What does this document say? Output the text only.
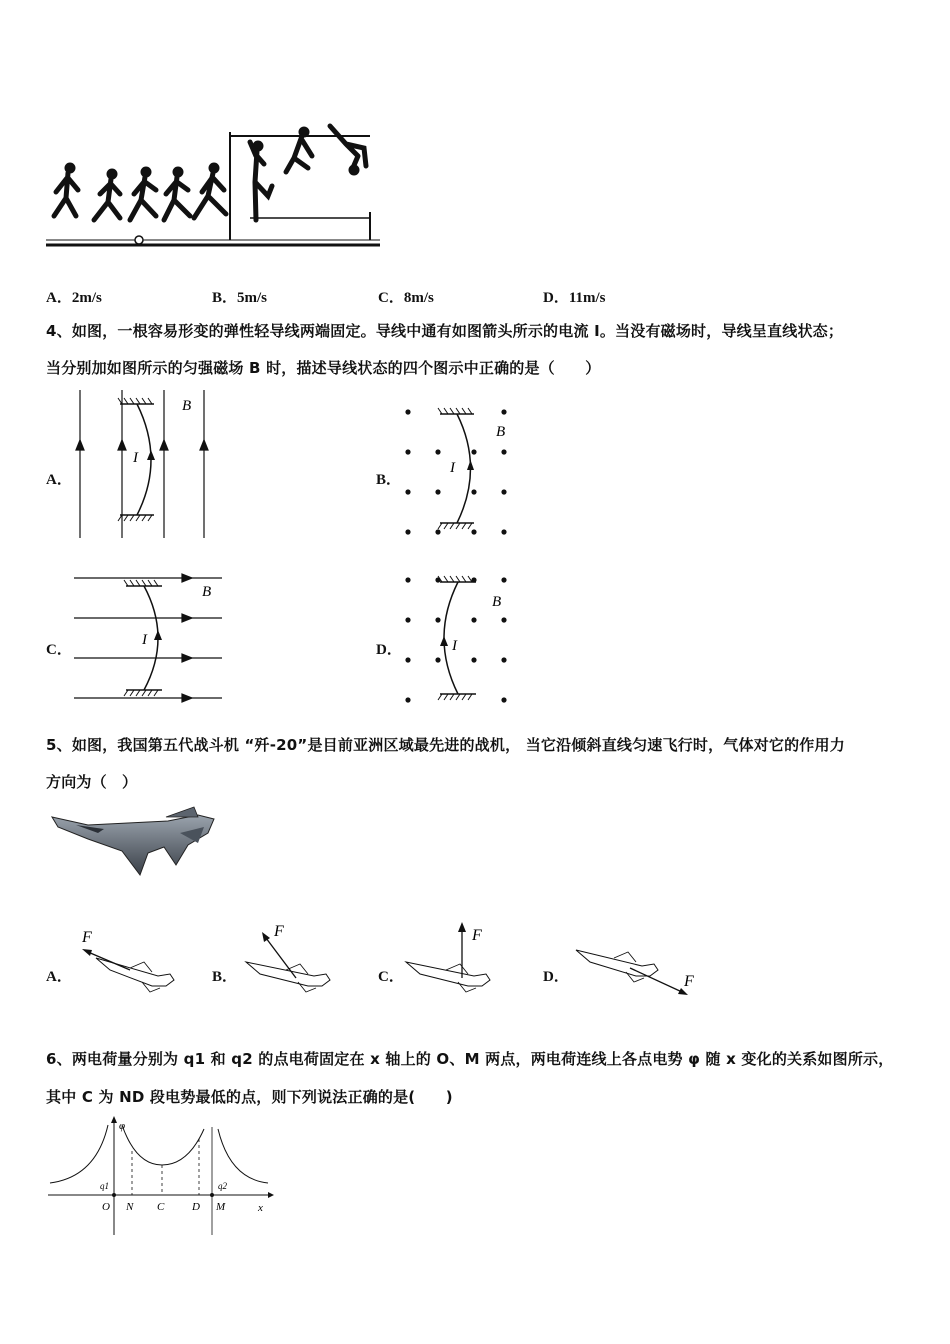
A．2m/s	B．5m/s	C．8m/s	D．11m/s
4、如图，一根容易形变的弹性轻导线两端固定。导线中通有如图箭头所示的电流 I。当没有磁场时，导线呈直线状态；
当分别加如图所示的匀强磁场 B 时，描述导线状态的四个图示中正确的是（　　）
A．
I
B
B．
I
B
C．
I
B
D．	I
B
5、如图，我国第五代战斗机 “歼-20”是目前亚洲区域最先进的战机， 当它沿倾斜直线匀速飞行时，气体对它的作用力
方向为（　）
A．
F
B．
F
C．
F
D．	F
6、两电荷量分别为 q1 和 q2 的点电荷固定在 x 轴上的 O、M 两点，两电荷连线上各点电势 φ 随 x 变化的关系如图所示，
其中 C 为 ND 段电势最低的点，则下列说法正确的是(　　)
φ
x
O N C	D M
q1	q2
